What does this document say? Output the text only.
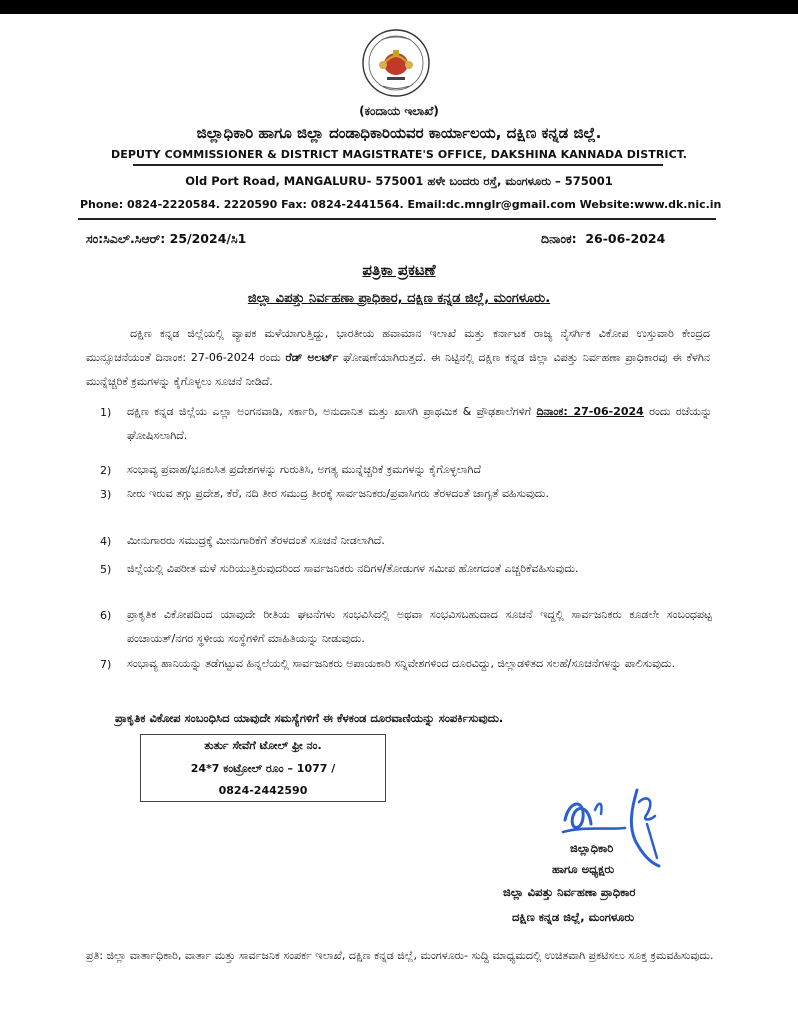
(ಕಂದಾಯ ಇಲಾಖೆ)
ಜಿಲ್ಲಾಧಿಕಾರಿ ಹಾಗೂ ಜಿಲ್ಲಾ ದಂಡಾಧಿಕಾರಿಯವರ ಕಾರ್ಯಾಲಯ, ದಕ್ಷಿಣ ಕನ್ನಡ ಜಿಲ್ಲೆ.
DEPUTY COMMISSIONER & DISTRICT MAGISTRATE'S OFFICE, DAKSHINA KANNADA DISTRICT.
Old Port Road, MANGALURU- 575001 ಹಳೇ ಬಂದರು ರಸ್ತೆ, ಮಂಗಳೂರು – 575001
Phone: 0824-2220584. 2220590 Fax: 0824-2441564. Email:dc.mnglr@gmail.com Website:www.dk.nic.in
ಸಂ:ಸಿಎಲ್.ಸಿಆರ್: 25/2024/ಸಿ1	ದಿನಾಂಕ: 26-06-2024
ಪತ್ರಿಕಾ ಪ್ರಕಟಣೆ
ಜಿಲ್ಲಾ ವಿಪತ್ತು ನಿರ್ವಹಣಾ ಪ್ರಾಧಿಕಾರ, ದಕ್ಷಿಣ ಕನ್ನಡ ಜಿಲ್ಲೆ, ಮಂಗಳೂರು.

ದಕ್ಷಿಣ ಕನ್ನಡ ಜಿಲ್ಲೆಯಲ್ಲಿ ವ್ಯಾಪಕ ಮಳೆಯಾಗುತ್ತಿದ್ದು, ಭಾರತೀಯ ಹವಾಮಾನ ಇಲಾಖೆ ಮತ್ತು ಕರ್ನಾಟಕ ರಾಜ್ಯ ನೈಸರ್ಗಿಕ ವಿಕೋಪ ಉಸ್ತುವಾರಿ ಕೇಂದ್ರದ ಮುನ್ಸೂಚನೆಯಂತೆ ದಿನಾಂಕ: 27-06-2024 ರಂದು ರೆಡ್ ಅಲರ್ಟ್ ಘೋಷಣೆಯಾಗಿರುತ್ತದೆ. ಈ ನಿಟ್ಟಿನಲ್ಲಿ ದಕ್ಷಿಣ ಕನ್ನಡ ಜಿಲ್ಲಾ ವಿಪತ್ತು ನಿರ್ವಹಣಾ ಪ್ರಾಧಿಕಾರವು ಈ ಕೆಳಗಿನ ಮುನ್ನೆಚ್ಚರಿಕೆ ಕ್ರಮಗಳನ್ನು ಕೈಗೊಳ್ಳಲು ಸೂಚನೆ ನೀಡಿದೆ.

1) ದಕ್ಷಿಣ ಕನ್ನಡ ಜಿಲ್ಲೆಯ ಎಲ್ಲಾ ಅಂಗನವಾಡಿ, ಸರ್ಕಾರಿ, ಅನುದಾನಿತ ಮತ್ತು ಖಾಸಗಿ ಪ್ರಾಥಮಿಕ & ಪ್ರೌಢಶಾಲೆಗಳಿಗೆ ದಿನಾಂಕ: 27-06-2024 ರಂದು ರಜೆಯನ್ನು ಘೋಷಿಸಲಾಗಿದೆ.
2) ಸಂಭಾವ್ಯ ಪ್ರವಾಹ/ಭೂಕುಸಿತ ಪ್ರದೇಶಗಳನ್ನು ಗುರುತಿಸಿ, ಅಗತ್ಯ ಮುನ್ನೆಚ್ಚರಿಕೆ ಕ್ರಮಗಳನ್ನು ಕೈಗೊಳ್ಳಲಾಗಿದೆ
3) ನೀರು ಇರುವ ತಗ್ಗು ಪ್ರದೇಶ, ಕೆರೆ, ನದಿ ತೀರ ಸಮುದ್ರ ತೀರಕ್ಕೆ ಸಾರ್ವಜನಿಕರು/ಪ್ರವಾಸಿಗರು ತೆರಳದಂತೆ ಜಾಗೃತೆ ವಹಿಸುವುದು.
4) ಮೀನುಗಾರರು ಸಮುದ್ರಕ್ಕೆ ಮೀನುಗಾರಿಕೆಗೆ ತೆರಳದಂತೆ ಸೂಚನೆ ನೀಡಲಾಗಿದೆ.
5) ಜಿಲ್ಲೆಯಲ್ಲಿ ವಿಪರೀತ ಮಳೆ ಸುರಿಯುತ್ತಿರುವುದರಿಂದ ಸಾರ್ವಜನಿಕರು ನದಿಗಳ/ತೋಡುಗಳ ಸಮೀಪ ಹೋಗದಂತೆ ಎಚ್ಚರಿಕೆವಹಿಸುವುದು.
6) ಪ್ರಾಕೃತಿಕ ವಿಕೋಪದಿಂದ ಯಾವುದೇ ರೀತಿಯ ಘಟನೆಗಳು ಸಂಭವಿಸಿದಲ್ಲಿ ಅಥವಾ ಸಂಭವಿಸಬಹುದಾದ ಸೂಚನೆ ಇದ್ದಲ್ಲಿ ಸಾರ್ವಜನಿಕರು ಕೂಡಲೇ ಸಂಬಂಧಪಟ್ಟ ಪಂಚಾಯತ್/ನಗರ ಸ್ಥಳೀಯ ಸಂಸ್ಥೆಗಳಿಗೆ ಮಾಹಿತಿಯನ್ನು ನೀಡುವುದು.
7) ಸಂಭಾವ್ಯ ಹಾನಿಯನ್ನು ತಡೆಗಟ್ಟುವ ಹಿನ್ನಲೆಯಲ್ಲಿ ಸಾರ್ವಜನಿಕರು ಅಪಾಯಕಾರಿ ಸನ್ನಿವೇಶಗಳಿಂದ ದೂರವಿದ್ದು, ಜಿಲ್ಲಾಡಳಿತದ ಸಲಹೆ/ಸೂಚನೆಗಳನ್ನು ಪಾಲಿಸುವುದು.
ಪ್ರಾಕೃತಿಕ ವಿಕೋಪ ಸಂಬಂಧಿಸಿದ ಯಾವುದೇ ಸಮಸ್ಯೆಗಳಿಗೆ ಈ ಕೆಳಕಂಡ ದೂರವಾಣಿಯನ್ನು ಸಂಪರ್ಕಿಸುವುದು.
ತುರ್ತು ಸೇವೆಗೆ ಟೋಲ್ ಫ್ರೀ ನಂ.
24*7 ಕಂಟ್ರೋಲ್ ರೂಂ – 1077 /
0824-2442590
ಜಿಲ್ಲಾಧಿಕಾರಿ
ಹಾಗೂ ಅಧ್ಯಕ್ಷರು
ಜಿಲ್ಲಾ ವಿಪತ್ತು ನಿರ್ವಹಣಾ ಪ್ರಾಧಿಕಾರ
ದಕ್ಷಿಣ ಕನ್ನಡ ಜಿಲ್ಲೆ, ಮಂಗಳೂರು
ಪ್ರತಿ: ಜಿಲ್ಲಾ ವಾರ್ತಾಧಿಕಾರಿ, ವಾರ್ತಾ ಮತ್ತು ಸಾರ್ವಜನಿಕ ಸಂಪರ್ಕ ಇಲಾಖೆ, ದಕ್ಷಿಣ ಕನ್ನಡ ಜಿಲ್ಲೆ, ಮಂಗಳೂರು- ಸುದ್ದಿ ಮಾಧ್ಯಮದಲ್ಲಿ ಉಚಿತವಾಗಿ ಪ್ರಕಟಿಸಲು ಸೂಕ್ತ ಕ್ರಮವಹಿಸುವುದು.
